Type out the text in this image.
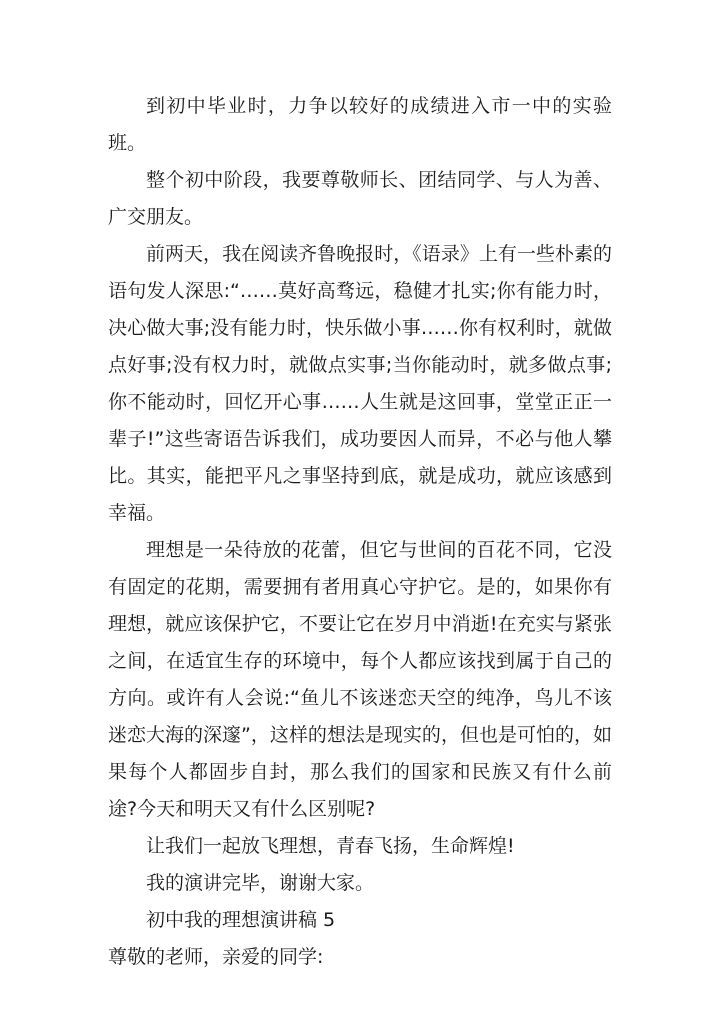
到初中毕业时，力争以较好的成绩进入市一中的实验班。

整个初中阶段，我要尊敬师长、团结同学、与人为善、广交朋友。

前两天，我在阅读齐鲁晚报时，《语录》上有一些朴素的语句发人深思:“……莫好高骛远，稳健才扎实;你有能力时，决心做大事;没有能力时，快乐做小事……你有权利时，就做点好事;没有权力时，就做点实事;当你能动时，就多做点事;你不能动时，回忆开心事……人生就是这回事，堂堂正正一辈子!”这些寄语告诉我们，成功要因人而异，不必与他人攀比。其实，能把平凡之事坚持到底，就是成功，就应该感到幸福。

理想是一朵待放的花蕾，但它与世间的百花不同，它没有固定的花期，需要拥有者用真心守护它。是的，如果你有理想，就应该保护它，不要让它在岁月中消逝!在充实与紧张之间，在适宜生存的环境中，每个人都应该找到属于自己的方向。或许有人会说:“鱼儿不该迷恋天空的纯净，鸟儿不该迷恋大海的深邃”，这样的想法是现实的，但也是可怕的，如果每个人都固步自封，那么我们的国家和民族又有什么前途?今天和明天又有什么区别呢?

让我们一起放飞理想，青春飞扬，生命辉煌!

我的演讲完毕，谢谢大家。

初中我的理想演讲稿 5

尊敬的老师，亲爱的同学:
